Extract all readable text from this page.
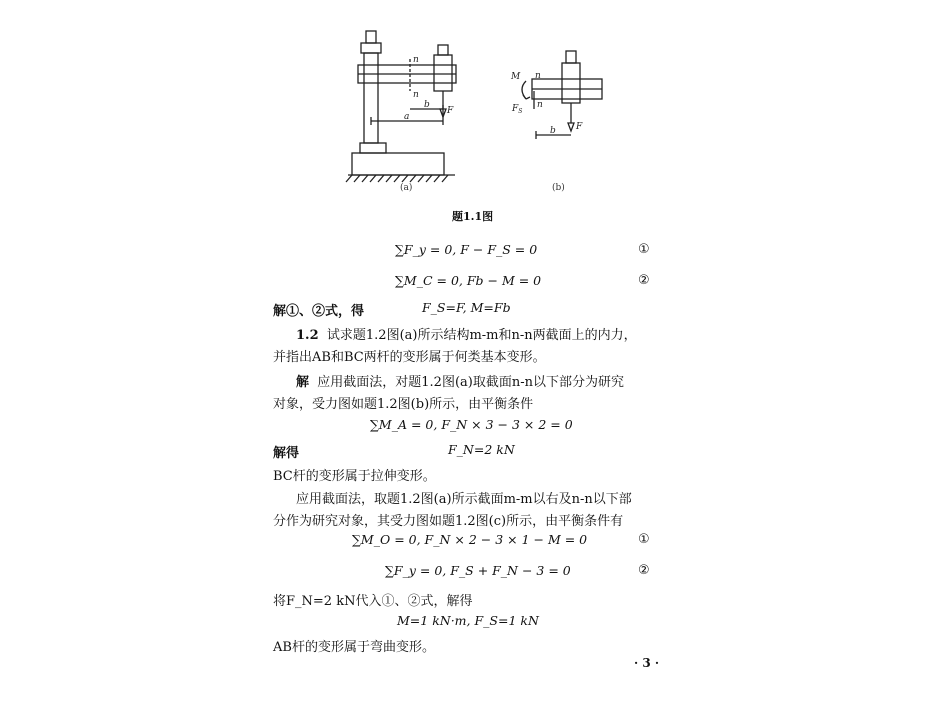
n
n
b
a
F
(a)
M n
$F_S$
n
b F
(b)
题1.1图
∑F_y = 0, F − F_S = 0	①
∑M_C = 0, Fb − M = 0	②
解①、②式，得	F_S=F, M=Fb
1.2 试求题1.2图(a)所示结构m-m和n-n两截面上的内力，
并指出AB和BC两杆的变形属于何类基本变形。
解 应用截面法，对题1.2图(a)取截面n-n以下部分为研究
对象，受力图如题1.2图(b)所示，由平衡条件
∑M_A = 0, F_N × 3 − 3 × 2 = 0
解得	F_N=2 kN
BC杆的变形属于拉伸变形。
应用截面法，取题1.2图(a)所示截面m-m以右及n-n以下部
分作为研究对象，其受力图如题1.2图(c)所示，由平衡条件有
∑M_O = 0, F_N × 2 − 3 × 1 − M = 0	①
∑F_y = 0, F_S + F_N − 3 = 0	②
将F_N=2 kN代入①、②式，解得
M=1 kN·m, F_S=1 kN
AB杆的变形属于弯曲变形。
· 3 ·
